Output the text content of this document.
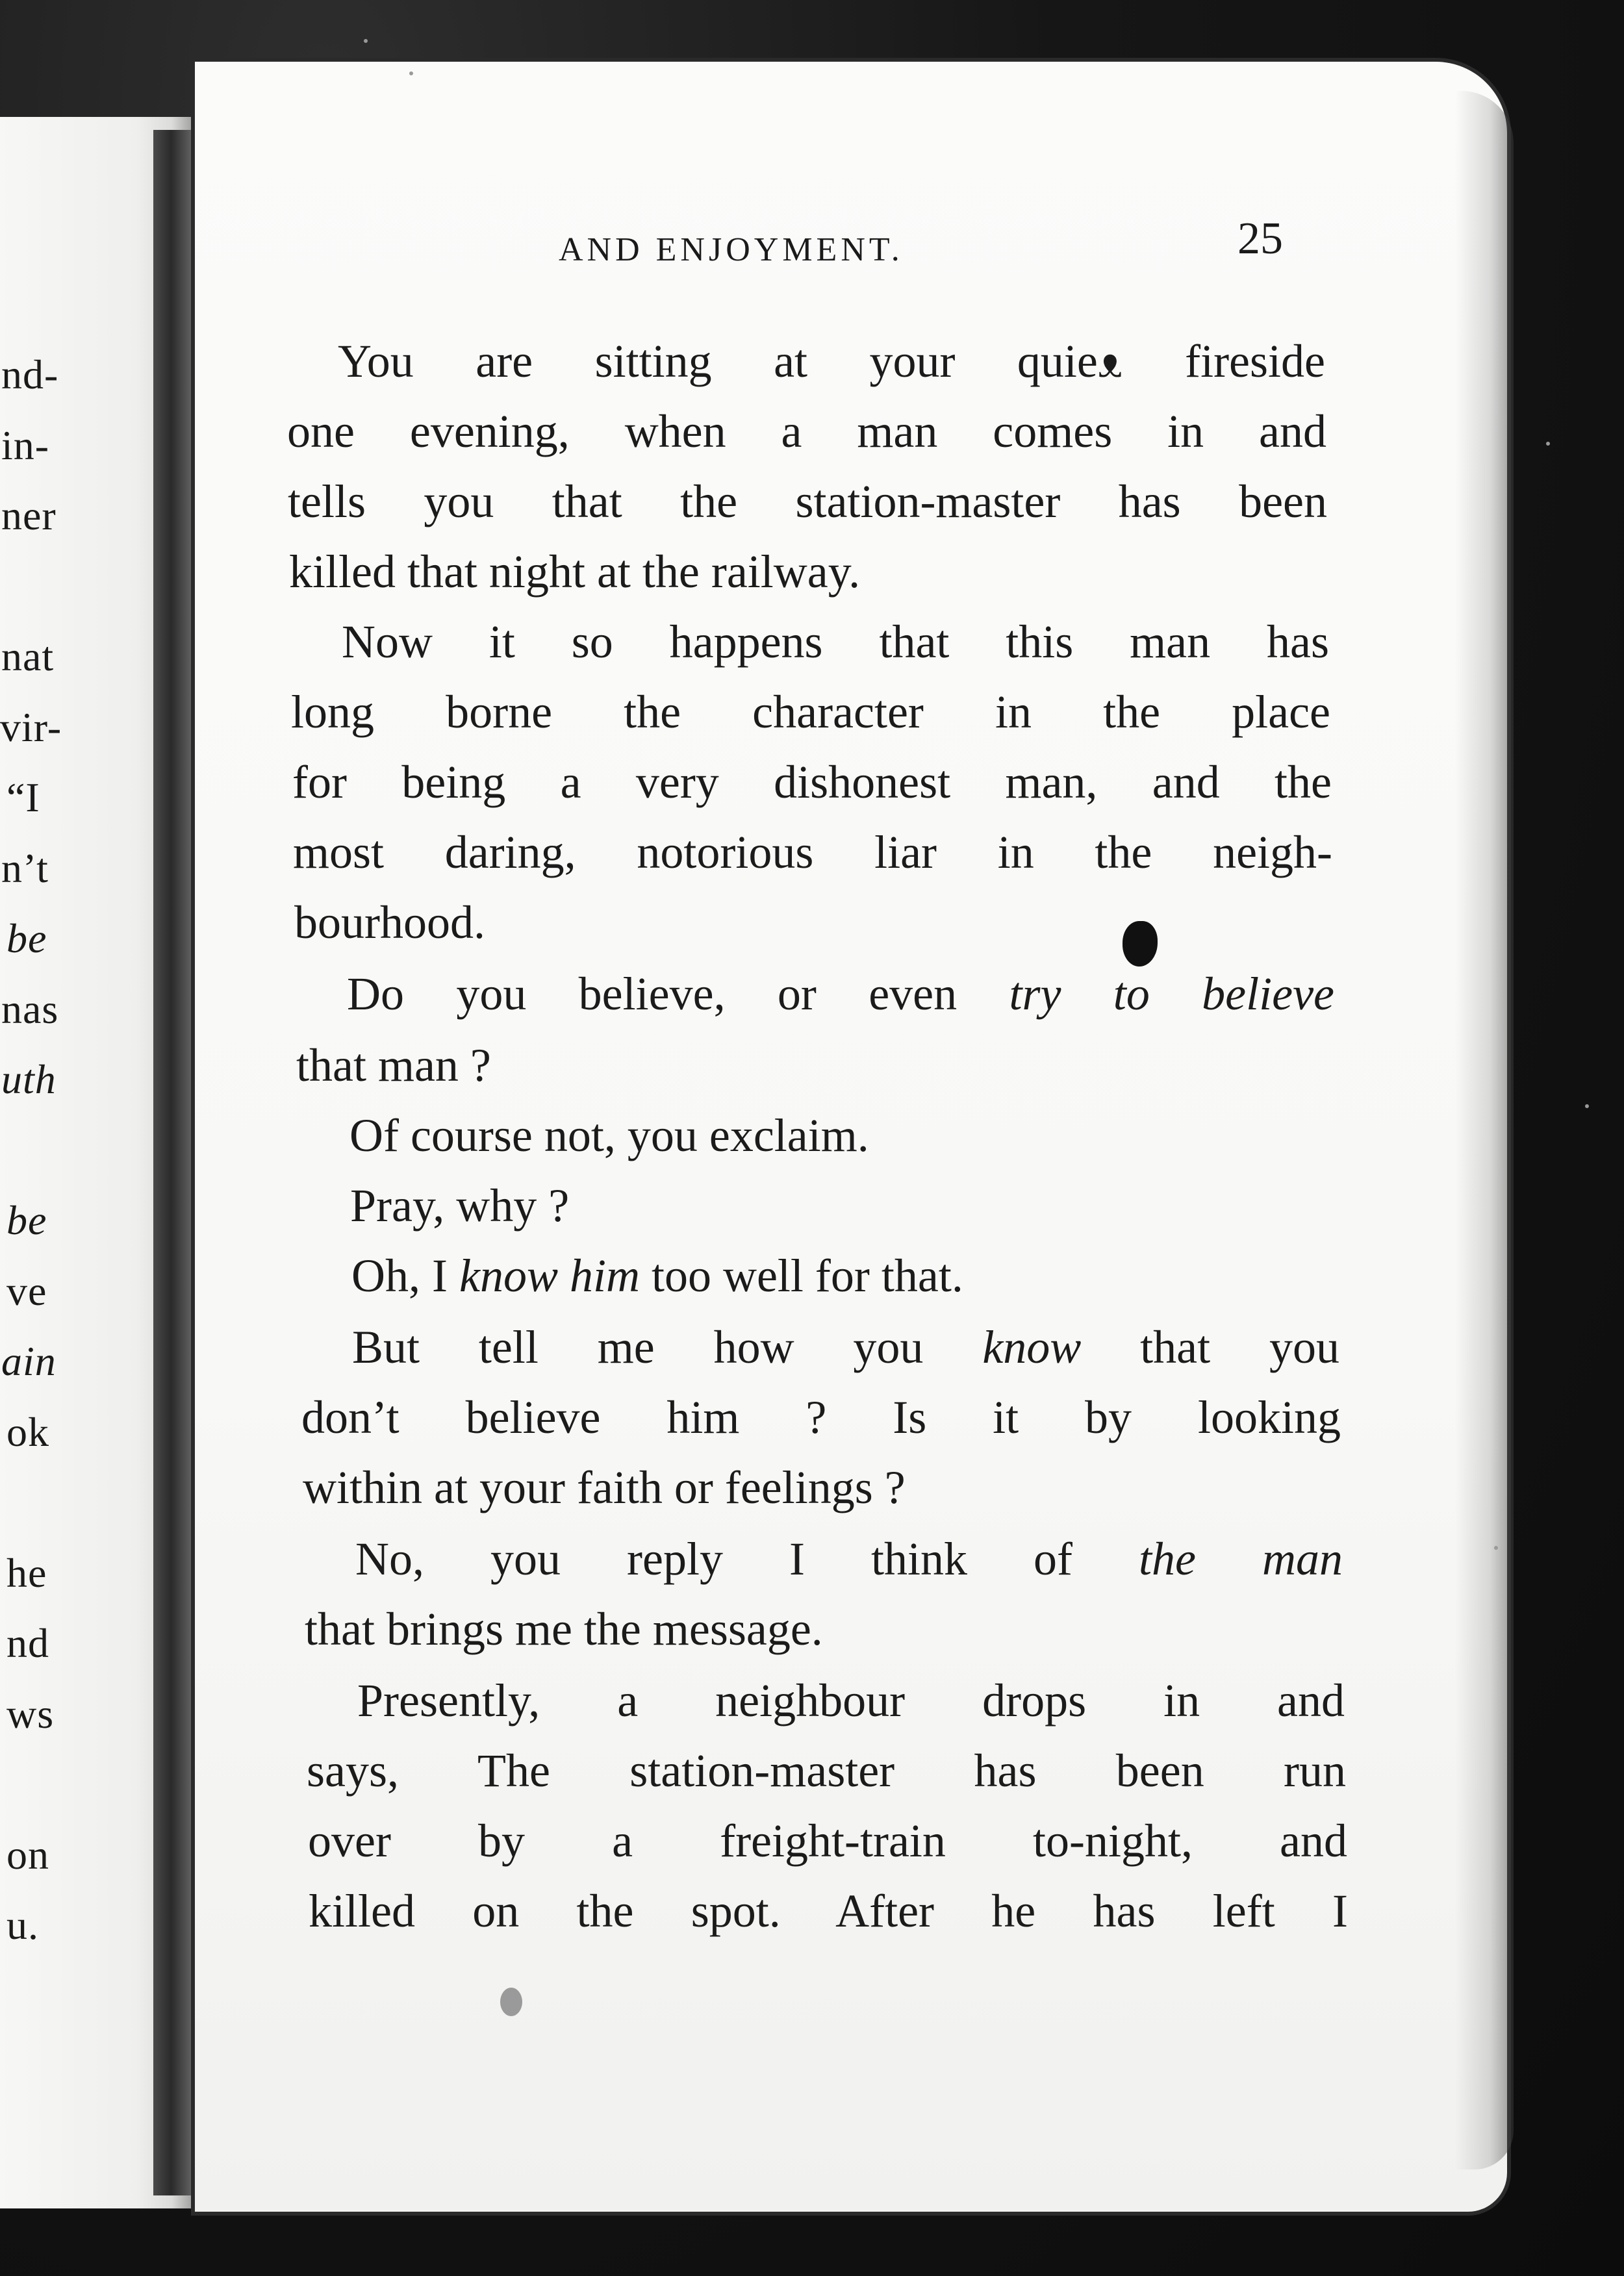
nd-
in-
ner
nat
vir-
“I
n’t
be
nas
uth
be
ve
ain
ok
he
nd
ws
on
u.
AND ENJOYMENT.	25
You are sitting at your quieᴥ fireside
one evening, when a man comes in and
tells you that the station-master has been
killed that night at the railway.
Now it so happens that this man has
long borne the character in the place
for being a very dishonest man, and the
most daring, notorious liar in the neigh-
bourhood.
Do you believe, or even try to believe
that man ?
Of course not, you exclaim.
Pray, why ?
Oh, I know him too well for that.
But tell me how you know that you
don’t believe him ? Is it by looking
within at your faith or feelings ?
No, you reply I think of the man
that brings me the message.
Presently, a neighbour drops in and
says, The station-master has been run
over by a freight-train to-night, and
killed on the spot. After he has left I
